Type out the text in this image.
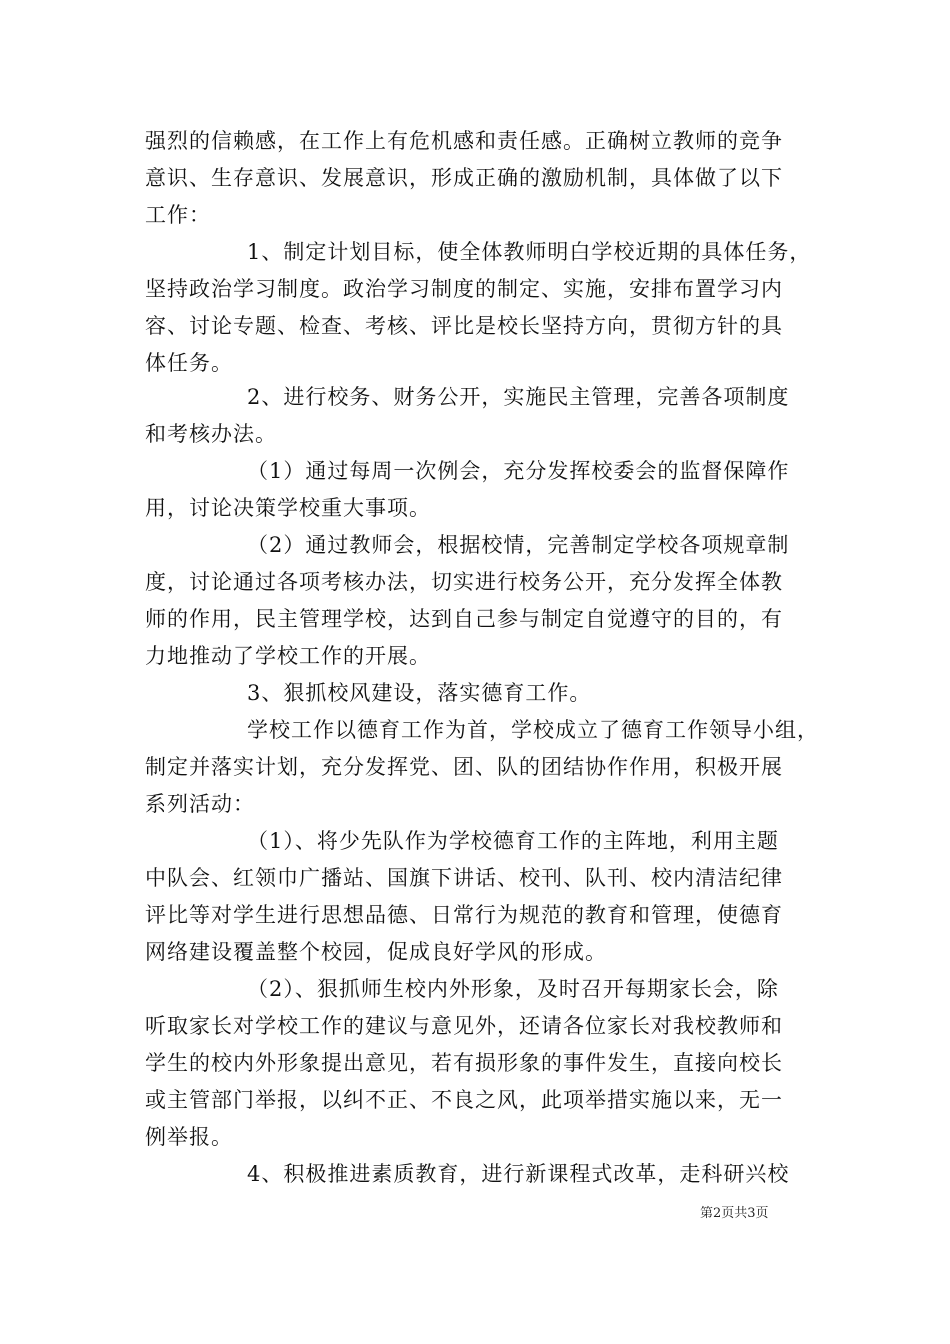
强烈的信赖感，在工作上有危机感和责任感。正确树立教师的竞争
意识、生存意识、发展意识，形成正确的激励机制，具体做了以下
工作：
1、制定计划目标，使全体教师明白学校近期的具体任务，
坚持政治学习制度。政治学习制度的制定、实施，安排布置学习内
容、讨论专题、检查、考核、评比是校长坚持方向，贯彻方针的具
体任务。
2、进行校务、财务公开，实施民主管理，完善各项制度
和考核办法。
（1）通过每周一次例会，充分发挥校委会的监督保障作
用，讨论决策学校重大事项。
（2）通过教师会，根据校情，完善制定学校各项规章制
度，讨论通过各项考核办法，切实进行校务公开，充分发挥全体教
师的作用，民主管理学校，达到自己参与制定自觉遵守的目的，有
力地推动了学校工作的开展。
3、狠抓校风建设，落实德育工作。
学校工作以德育工作为首，学校成立了德育工作领导小组，
制定并落实计划，充分发挥党、团、队的团结协作作用，积极开展
系列活动：
（1）、将少先队作为学校德育工作的主阵地，利用主题
中队会、红领巾广播站、国旗下讲话、校刊、队刊、校内清洁纪律
评比等对学生进行思想品德、日常行为规范的教育和管理，使德育
网络建设覆盖整个校园，促成良好学风的形成。
（2）、狠抓师生校内外形象，及时召开每期家长会，除
听取家长对学校工作的建议与意见外，还请各位家长对我校教师和
学生的校内外形象提出意见，若有损形象的事件发生，直接向校长
或主管部门举报，以纠不正、不良之风，此项举措实施以来，无一
例举报。
4、积极推进素质教育，进行新课程式改革，走科研兴校
第2页共3页
